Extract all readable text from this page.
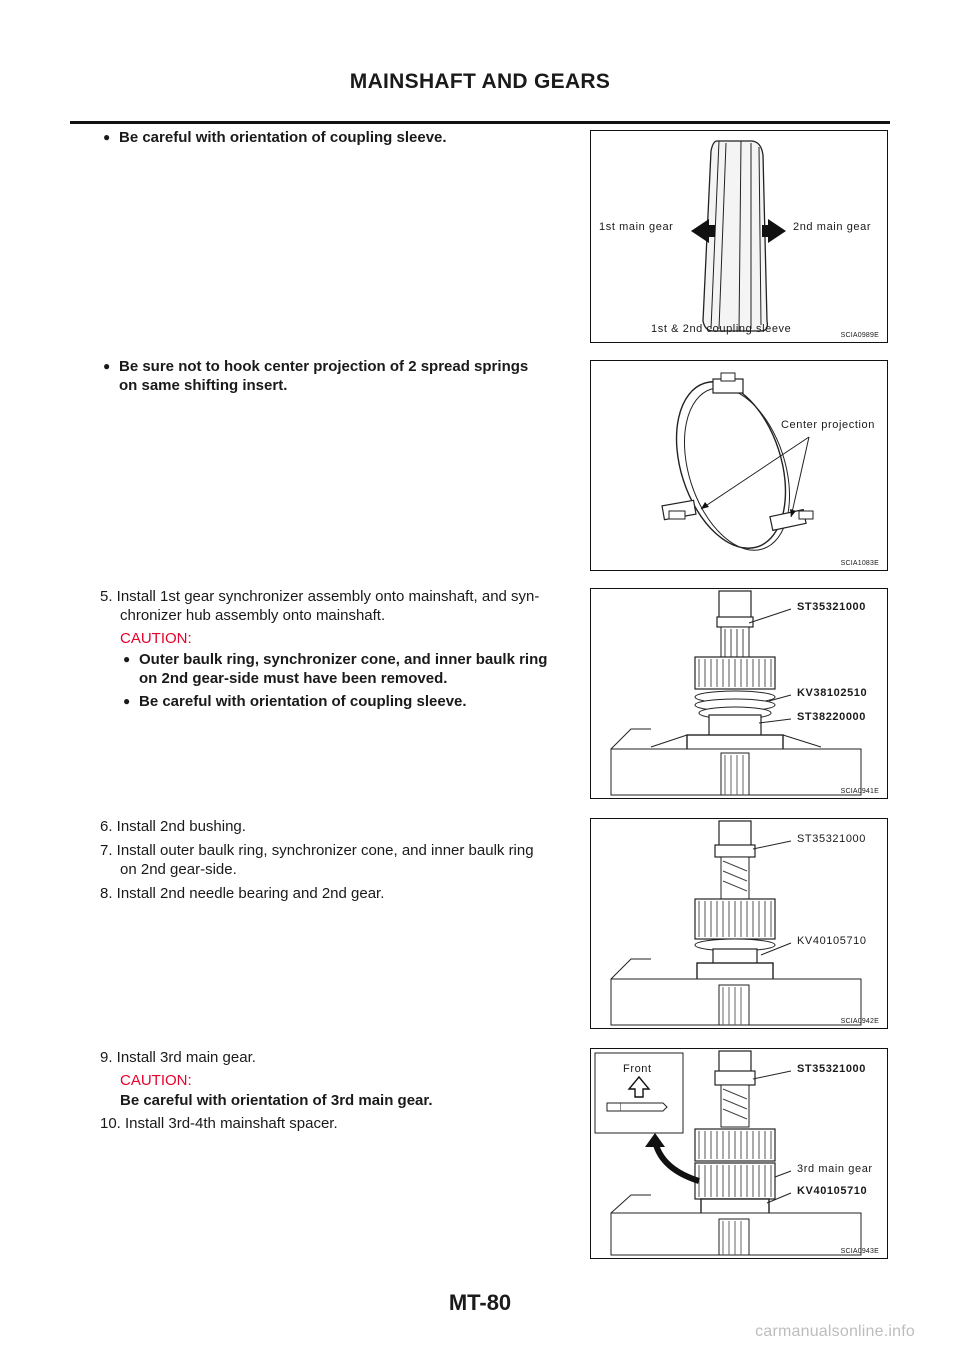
MAINSHAFT AND GEARS
● Be careful with orientation of coupling sleeve.
● Be sure not to hook center projection of 2 spread springs
on same shifting insert.
5. Install 1st gear synchronizer assembly onto mainshaft, and syn-
chronizer hub assembly onto mainshaft.
CAUTION:
● Outer baulk ring, synchronizer cone, and inner baulk ring
on 2nd gear-side must have been removed.
● Be careful with orientation of coupling sleeve.
6. Install 2nd bushing.
7. Install outer baulk ring, synchronizer cone, and inner baulk ring
on 2nd gear-side.
8. Install 2nd needle bearing and 2nd gear.
9. Install 3rd main gear.
CAUTION:
Be careful with orientation of 3rd main gear.
10. Install 3rd-4th mainshaft spacer.
1st main gear	2nd main gear
1st & 2nd coupling sleeve
SCIA0989E
Center projection
SCIA1083E
ST35321000
KV38102510
ST38220000
SCIA0941E
ST35321000
KV40105710
SCIA0942E
Front	ST35321000
3rd main gear
KV40105710
SCIA0943E
MT-80
carmanualsonline.info
